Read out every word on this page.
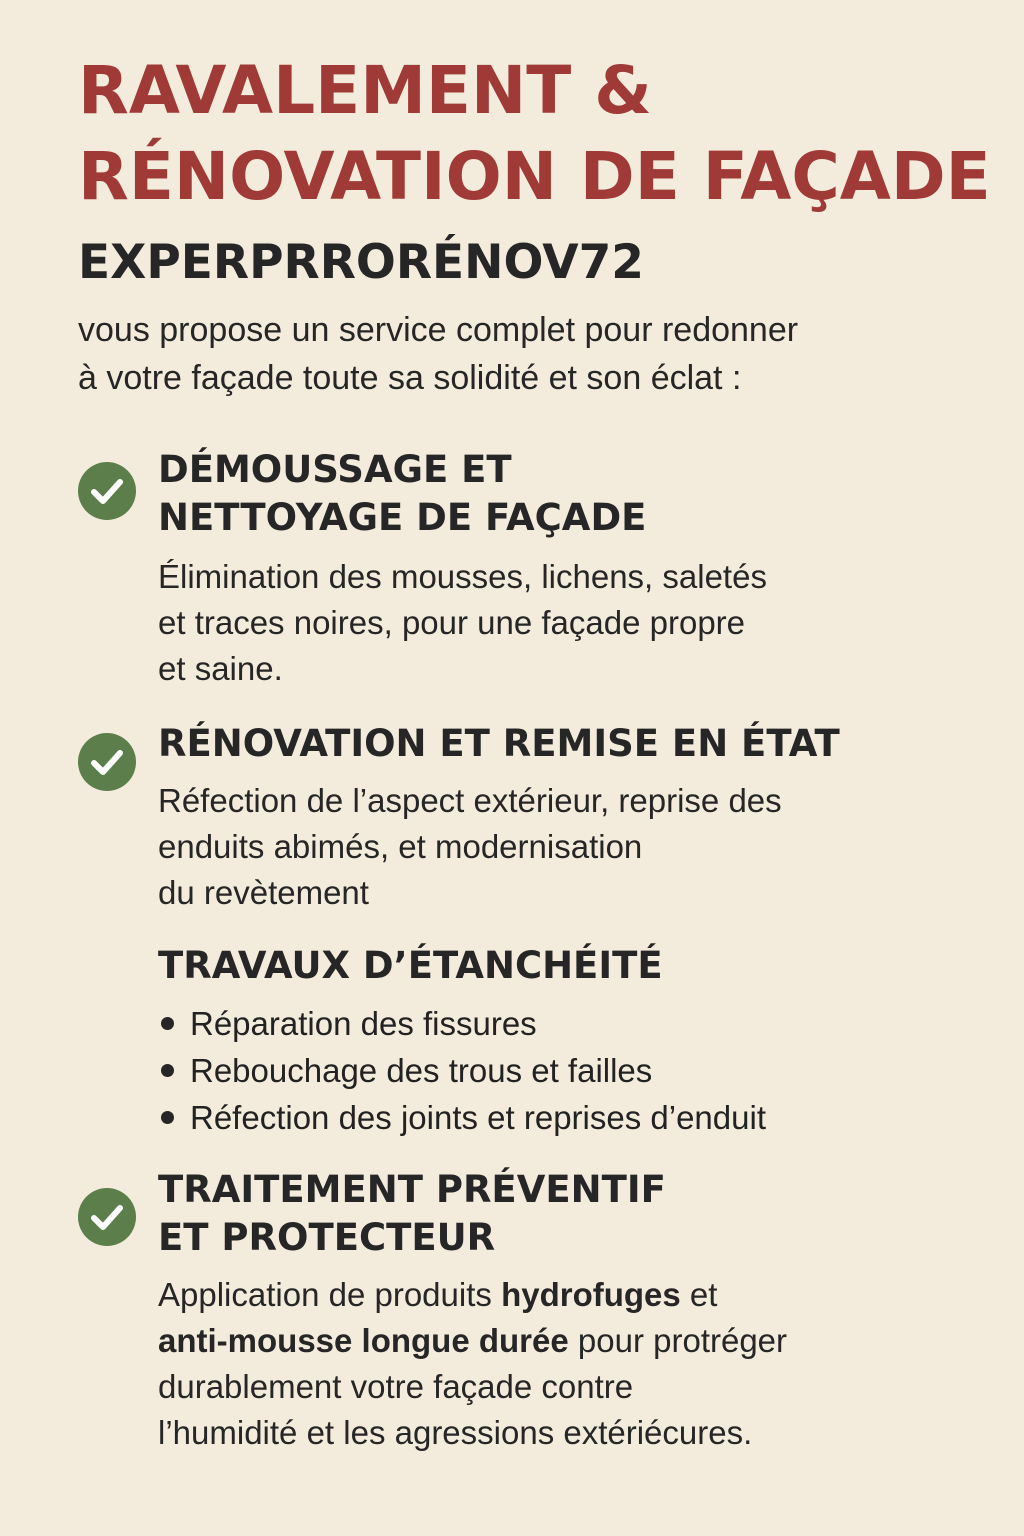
RAVALEMENT &
RÉNOVATION DE FAÇADE
EXPERPRRORÉNOV72
vous propose un service complet pour redonner
à votre façade toute sa solidité et son éclat :
DÉMOUSSAGE ET
NETTOYAGE DE FAÇADE
Élimination des mousses, lichens, saletés
et traces noires, pour une façade propre
et saine.
RÉNOVATION ET REMISE EN ÉTAT
Réfection de l’aspect extérieur, reprise des
enduits abimés, et modernisation
du revètement
TRAVAUX D’ÉTANCHÉITÉ
Réparation des fissures
Rebouchage des trous et failles
Réfection des joints et reprises d’enduit
TRAITEMENT PRÉVENTIF
ET PROTECTEUR
Application de produits hydrofuges et
anti-mousse longue durée pour protréger
durablement votre façade contre
l’humidité et les agressions extériécures.
